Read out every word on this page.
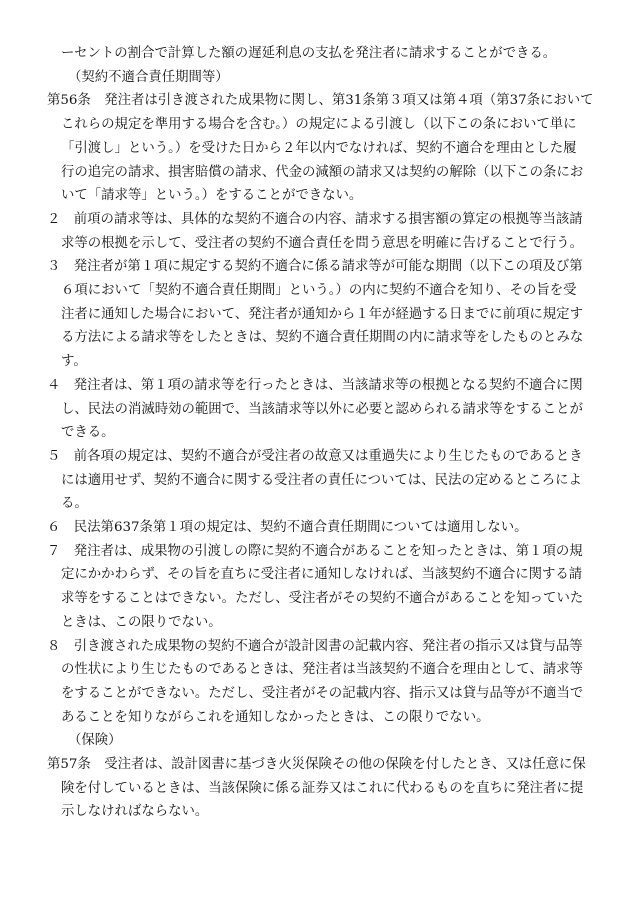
ーセントの割合で計算した額の遅延利息の支払を発注者に請求することができる。
（契約不適合責任期間等）
第56条　発注者は引き渡された成果物に関し、第31条第３項又は第４項（第37条において
これらの規定を準用する場合を含む。）の規定による引渡し（以下この条において単に
「引渡し」という。）を受けた日から２年以内でなければ、契約不適合を理由とした履
行の追完の請求、損害賠償の請求、代金の減額の請求又は契約の解除（以下この条にお
いて「請求等」という。）をすることができない。
２　前項の請求等は、具体的な契約不適合の内容、請求する損害額の算定の根拠等当該請
求等の根拠を示して、受注者の契約不適合責任を問う意思を明確に告げることで行う。
３　発注者が第１項に規定する契約不適合に係る請求等が可能な期間（以下この項及び第
６項において「契約不適合責任期間」という。）の内に契約不適合を知り、その旨を受
注者に通知した場合において、発注者が通知から１年が経過する日までに前項に規定す
る方法による請求等をしたときは、契約不適合責任期間の内に請求等をしたものとみな
す。
４　発注者は、第１項の請求等を行ったときは、当該請求等の根拠となる契約不適合に関
し、民法の消滅時効の範囲で、当該請求等以外に必要と認められる請求等をすることが
できる。
５　前各項の規定は、契約不適合が受注者の故意又は重過失により生じたものであるとき
には適用せず、契約不適合に関する受注者の責任については、民法の定めるところによ
る。
６　民法第637条第１項の規定は、契約不適合責任期間については適用しない。
７　発注者は、成果物の引渡しの際に契約不適合があることを知ったときは、第１項の規
定にかかわらず、その旨を直ちに受注者に通知しなければ、当該契約不適合に関する請
求等をすることはできない。ただし、受注者がその契約不適合があることを知っていた
ときは、この限りでない。
８　引き渡された成果物の契約不適合が設計図書の記載内容、発注者の指示又は貸与品等
の性状により生じたものであるときは、発注者は当該契約不適合を理由として、請求等
をすることができない。ただし、受注者がその記載内容、指示又は貸与品等が不適当で
あることを知りながらこれを通知しなかったときは、この限りでない。
（保険）
第57条　受注者は、設計図書に基づき火災保険その他の保険を付したとき、又は任意に保
険を付しているときは、当該保険に係る証券又はこれに代わるものを直ちに発注者に提
示しなければならない。
